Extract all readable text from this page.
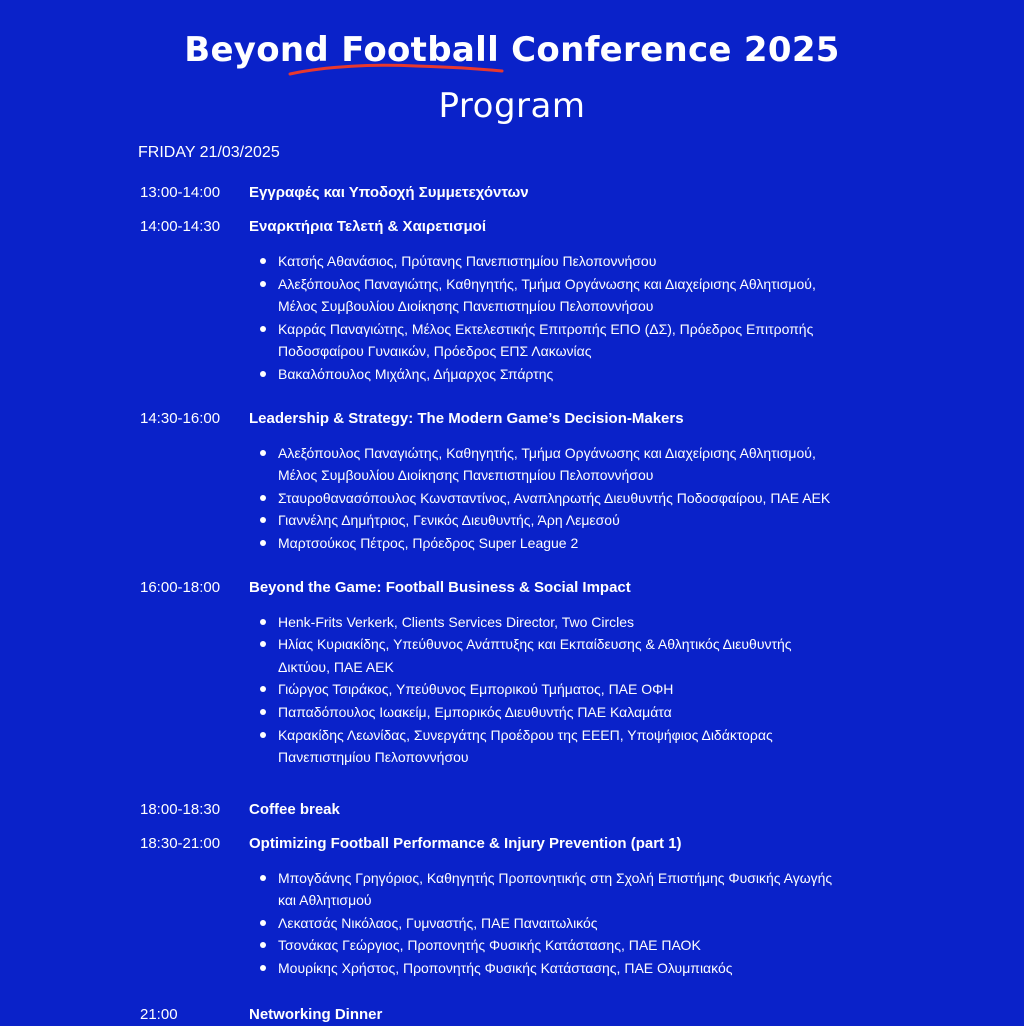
Beyond Football Conference 2025
Program
FRIDAY 21/03/2025
13:00-14:00	Εγγραφές και Υποδοχή Συμμετεχόντων
14:00-14:30	Εναρκτήρια Τελετή & Χαιρετισμοί
Κατσής Αθανάσιος, Πρύτανης Πανεπιστημίου Πελοποννήσου
Αλεξόπουλος Παναγιώτης, Καθηγητής, Τμήμα Οργάνωσης και Διαχείρισης Αθλητισμού,
Μέλος Συμβουλίου Διοίκησης Πανεπιστημίου Πελοποννήσου
Καρράς Παναγιώτης, Μέλος Εκτελεστικής Επιτροπής ΕΠΟ (ΔΣ), Πρόεδρος Επιτροπής
Ποδοσφαίρου Γυναικών, Πρόεδρος ΕΠΣ Λακωνίας
Βακαλόπουλος Μιχάλης, Δήμαρχος Σπάρτης
14:30-16:00	Leadership & Strategy: The Modern Game’s Decision-Makers
Αλεξόπουλος Παναγιώτης, Καθηγητής, Τμήμα Οργάνωσης και Διαχείρισης Αθλητισμού,
Μέλος Συμβουλίου Διοίκησης Πανεπιστημίου Πελοποννήσου
Σταυροθανασόπουλος Κωνσταντίνος, Αναπληρωτής Διευθυντής Ποδοσφαίρου, ΠΑΕ ΑΕΚ
Γιαννέλης Δημήτριος, Γενικός Διευθυντής, Άρη Λεμεσού
Μαρτσούκος Πέτρος, Πρόεδρος Super League 2
16:00-18:00	Beyond the Game: Football Business & Social Impact
Henk-Frits Verkerk, Clients Services Director, Two Circles
Ηλίας Κυριακίδης, Υπεύθυνος Ανάπτυξης και Εκπαίδευσης & Αθλητικός Διευθυντής
Δικτύου, ΠΑΕ ΑΕΚ
Γιώργος Τσιράκος, Υπεύθυνος Εμπορικού Τμήματος, ΠΑΕ ΟΦΗ
Παπαδόπουλος Ιωακείμ, Εμπορικός Διευθυντής ΠΑΕ Καλαμάτα
Καρακίδης Λεωνίδας, Συνεργάτης Προέδρου της ΕΕΕΠ, Υποψήφιος Διδάκτορας
Πανεπιστημίου Πελοποννήσου
18:00-18:30	Coffee break
18:30-21:00	Optimizing Football Performance & Injury Prevention (part 1)
Μπογδάνης Γρηγόριος, Καθηγητής Προπονητικής στη Σχολή Επιστήμης Φυσικής Αγωγής
και Αθλητισμού
Λεκατσάς Νικόλαος, Γυμναστής, ΠΑΕ Παναιτωλικός
Τσονάκας Γεώργιος, Προπονητής Φυσικής Κατάστασης, ΠΑΕ ΠΑΟΚ
Μουρίκης Χρήστος, Προπονητής Φυσικής Κατάστασης, ΠΑΕ Ολυμπιακός
21:00	Networking Dinner
